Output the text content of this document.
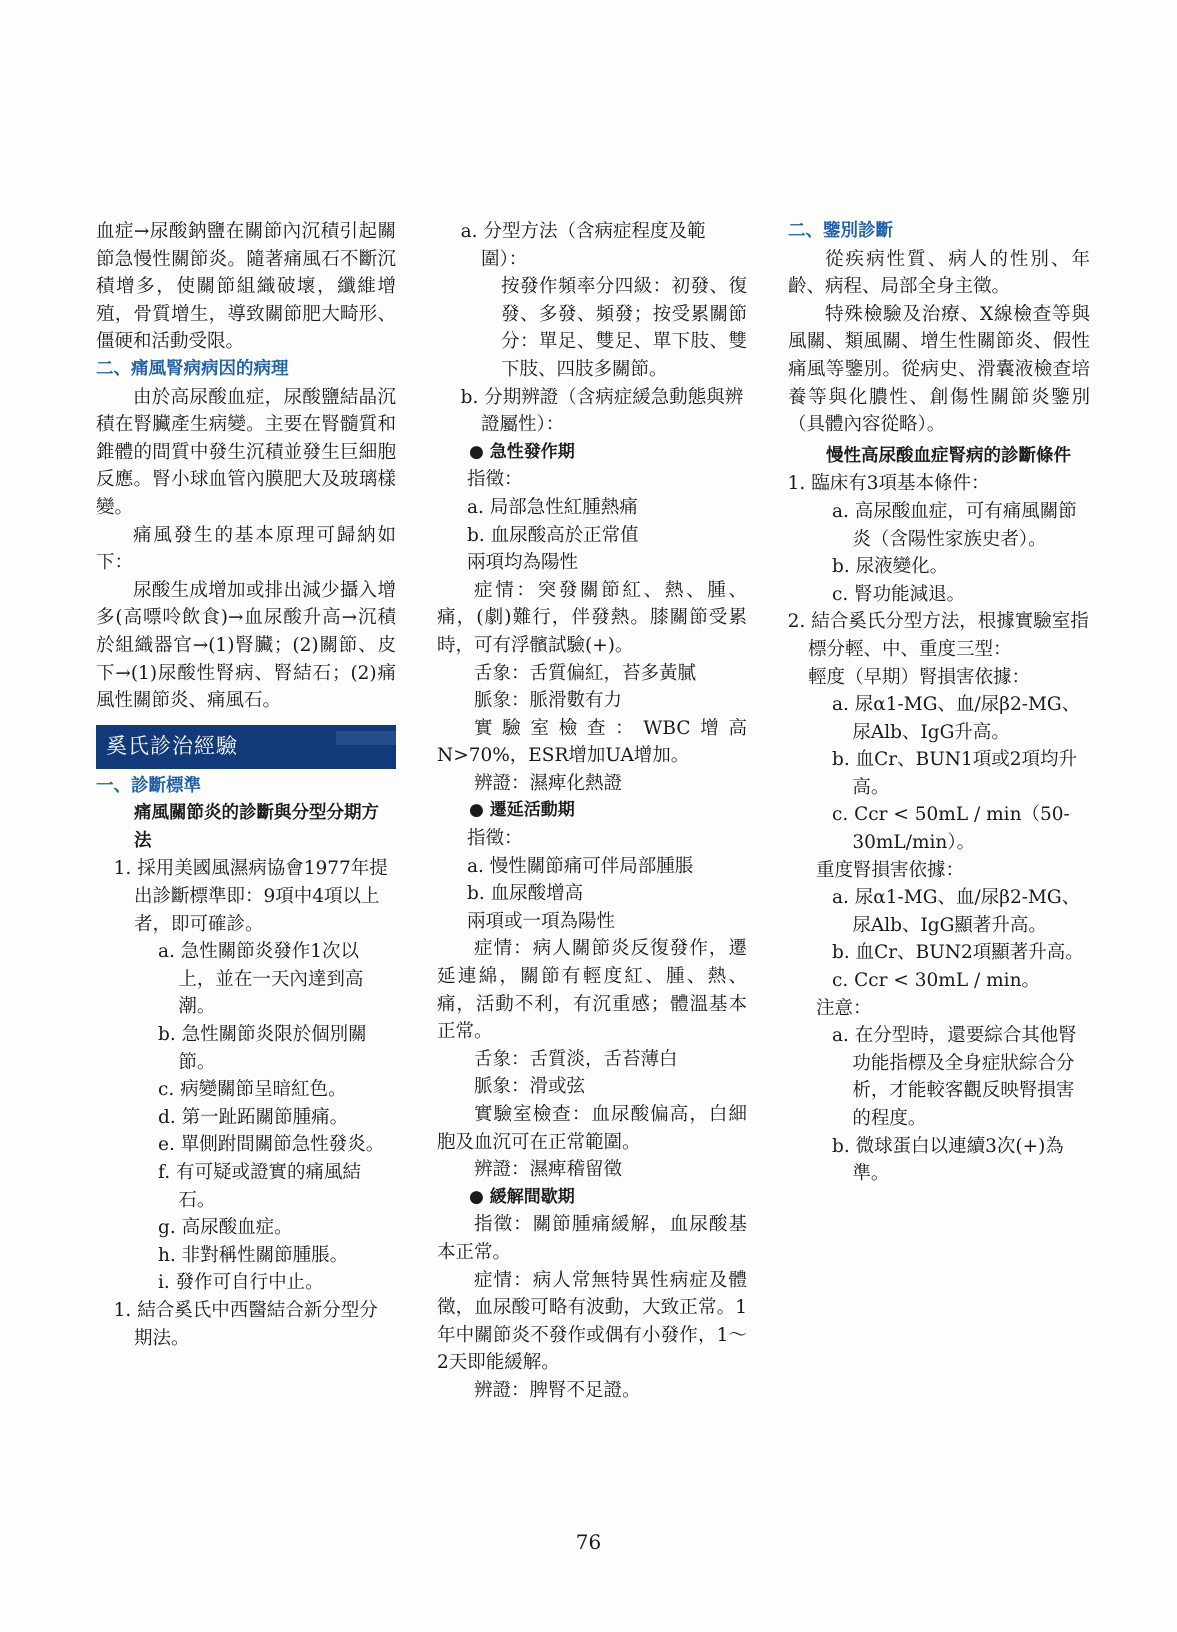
血症→尿酸鈉鹽在關節內沉積引起關節急慢性關節炎。隨著痛風石不斷沉積增多，使關節組織破壞，纖維增殖，骨質增生，導致關節肥大畸形、僵硬和活動受限。

二、痛風腎病病因的病理

由於高尿酸血症，尿酸鹽結晶沉積在腎臟產生病變。主要在腎髓質和錐體的間質中發生沉積並發生巨細胞反應。腎小球血管內膜肥大及玻璃樣變。

痛風發生的基本原理可歸納如下：

尿酸生成增加或排出減少攝入增多(高嘌呤飲食)→血尿酸升高→沉積於組織器官→(1)腎臟；(2)關節、皮下→(1)尿酸性腎病、腎結石；(2)痛風性關節炎、痛風石。

奚氏診治經驗

一、診斷標準

痛風關節炎的診斷與分型分期方法

1. 採用美國風濕病協會1977年提出診斷標準即：9項中4項以上者，即可確診。

a. 急性關節炎發作1次以上，並在一天內達到高潮。

b. 急性關節炎限於個別關節。

c. 病變關節呈暗紅色。

d. 第一趾跖關節腫痛。

e. 單側跗間關節急性發炎。

f. 有可疑或證實的痛風結石。

g. 高尿酸血症。

h. 非對稱性關節腫脹。

i. 發作可自行中止。

1. 結合奚氏中西醫結合新分型分期法。

a. 分型方法（含病症程度及範圍）：

按發作頻率分四級：初發、復發、多發、頻發；按受累關節分：單足、雙足、單下肢、雙下肢、四肢多關節。

b. 分期辨證（含病症緩急動態與辨證屬性）：

● 急性發作期

指徵：

a. 局部急性紅腫熱痛

b. 血尿酸高於正常值

兩項均為陽性

症情：突發關節紅、熱、腫、痛，(劇)難行，伴發熱。膝關節受累時，可有浮髕試驗(+)。

舌象：舌質偏紅，苔多黃膩

脈象：脈滑數有力

實驗室檢查：WBC增高N>70%，ESR增加UA增加。

辨證：濕痺化熱證

● 遷延活動期

指徵：

a. 慢性關節痛可伴局部腫脹

b. 血尿酸增高

兩項或一項為陽性

症情：病人關節炎反復發作，遷延連綿，關節有輕度紅、腫、熱、痛，活動不利，有沉重感；體溫基本正常。

舌象：舌質淡，舌苔薄白

脈象：滑或弦

實驗室檢查：血尿酸偏高，白細胞及血沉可在正常範圍。

辨證：濕痺稽留徵

● 緩解間歇期

指徵：關節腫痛緩解，血尿酸基本正常。

症情：病人常無特異性病症及體徵，血尿酸可略有波動，大致正常。1年中關節炎不發作或偶有小發作，1～2天即能緩解。

辨證：脾腎不足證。

二、鑒別診斷

從疾病性質、病人的性別、年齡、病程、局部全身主徵。

特殊檢驗及治療、X線檢查等與風關、類風關、增生性關節炎、假性痛風等鑒別。從病史、滑囊液檢查培養等與化膿性、創傷性關節炎鑒別（具體內容從略）。

慢性高尿酸血症腎病的診斷條件

1. 臨床有3項基本條件：

a. 高尿酸血症，可有痛風關節炎（含陽性家族史者）。

b. 尿液變化。

c. 腎功能減退。

2. 結合奚氏分型方法，根據實驗室指標分輕、中、重度三型：

輕度（早期）腎損害依據：

a. 尿α1-MG、血/尿β2-MG、尿Alb、IgG升高。

b. 血Cr、BUN1項或2項均升高。

c. Ccr < 50mL / min（50-30mL/min）。

重度腎損害依據：

a. 尿α1-MG、血/尿β2-MG、尿Alb、IgG顯著升高。

b. 血Cr、BUN2項顯著升高。

c. Ccr < 30mL / min。

注意：

a. 在分型時，還要綜合其他腎功能指標及全身症狀綜合分析，才能較客觀反映腎損害的程度。

b. 微球蛋白以連續3次(+)為準。

76
